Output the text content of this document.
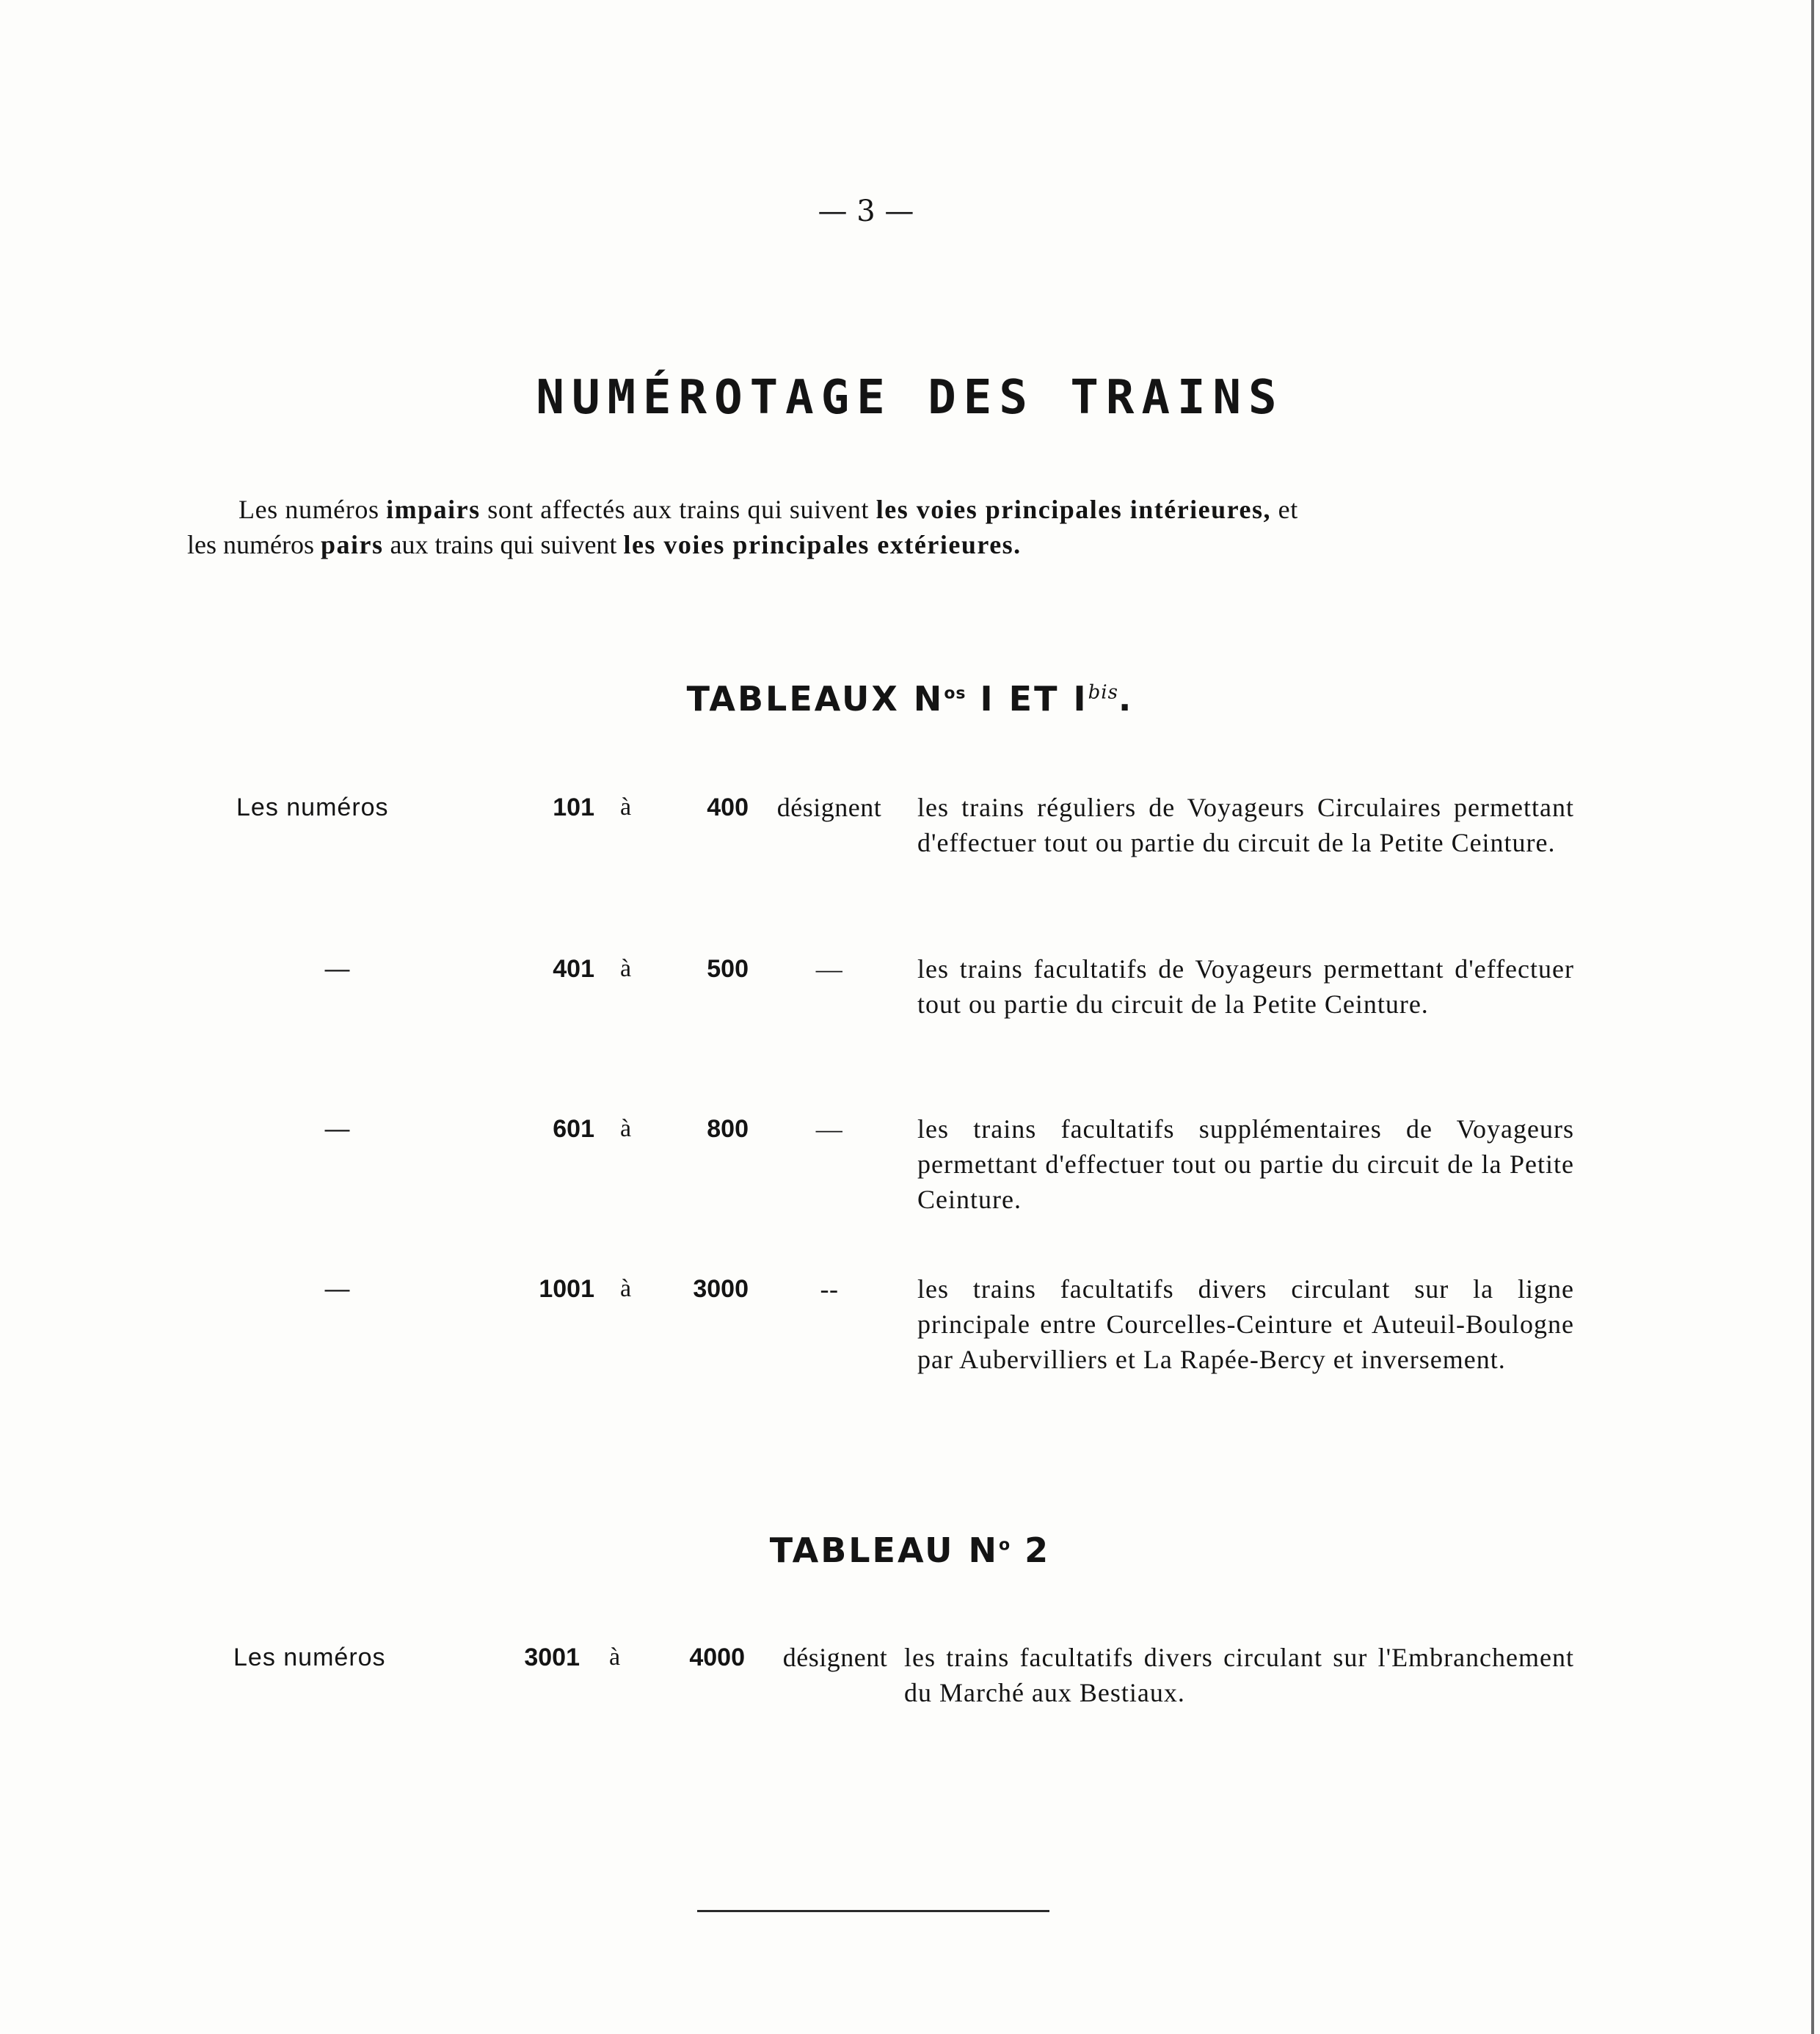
— 3 —
NUMÉROTAGE DES TRAINS

Les numéros impairs sont affectés aux trains qui suivent les voies principales intérieures, et

les numéros pairs aux trains qui suivent les voies principales extérieures.

TABLEAUX $N^{os}$ I ET $I^{bis}$.
Les numéros	101	à	400	désignent	les trains réguliers de Voyageurs Circulaires permettant d'effectuer tout ou partie du circuit de la Petite Ceinture.
—	401	à	500	—	les trains facultatifs de Voyageurs permettant d'effectuer tout ou partie du circuit de la Petite Ceinture.
—	601	à	800	—	les trains facultatifs supplémentaires de Voyageurs permettant d'effectuer tout ou partie du circuit de la Petite Ceinture.
—	1001	à	3000	--	les trains facultatifs divers circulant sur la ligne principale entre Courcelles-Ceinture et Auteuil-Boulogne par Aubervilliers et La Rapée-Bercy et inversement.
TABLEAU $N^o$ 2
Les numéros	3001	à	4000	désignent les trains facultatifs divers circulant sur l'Embranchement du Marché aux Bestiaux.
